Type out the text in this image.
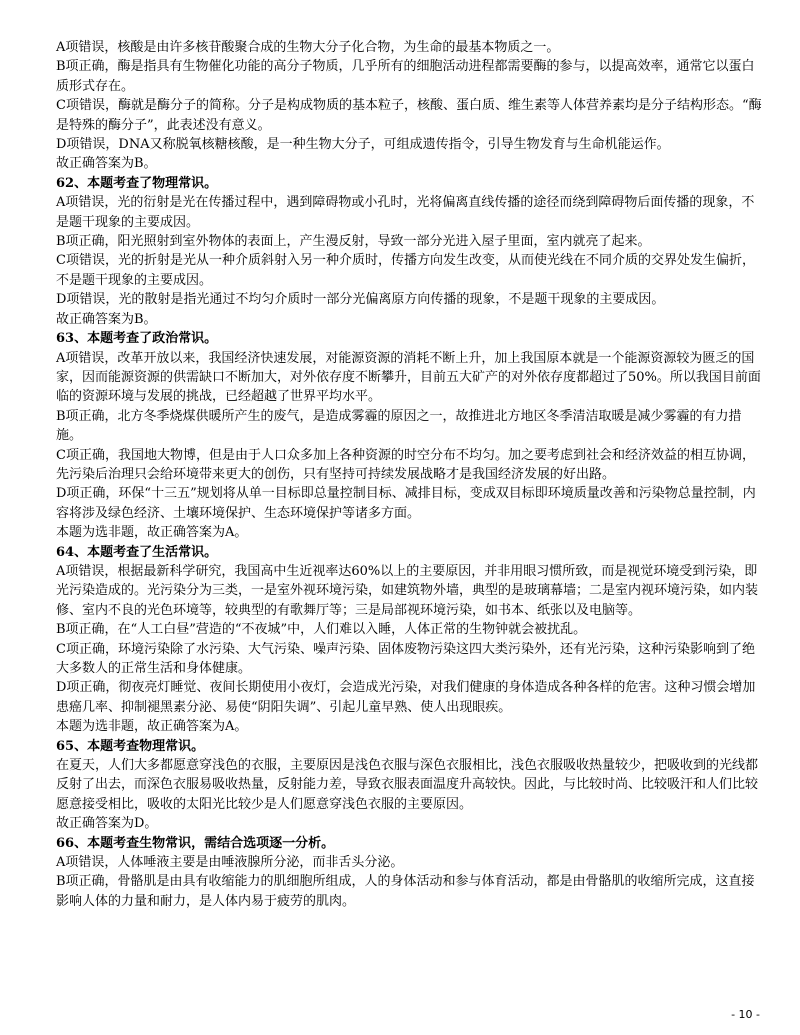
A项错误，核酸是由许多核苷酸聚合成的生物大分子化合物，为生命的最基本物质之一。

B项正确，酶是指具有生物催化功能的高分子物质，几乎所有的细胞活动进程都需要酶的参与，以提高效率，通常它以蛋白质形式存在。

C项错误，酶就是酶分子的简称。分子是构成物质的基本粒子，核酸、蛋白质、维生素等人体营养素均是分子结构形态。“酶是特殊的酶分子”，此表述没有意义。

D项错误，DNA又称脱氧核糖核酸，是一种生物大分子，可组成遗传指令，引导生物发育与生命机能运作。

故正确答案为B。

62、本题考查了物理常识。

A项错误，光的衍射是光在传播过程中，遇到障碍物或小孔时，光将偏离直线传播的途径而绕到障碍物后面传播的现象，不是题干现象的主要成因。

B项正确，阳光照射到室外物体的表面上，产生漫反射，导致一部分光进入屋子里面，室内就亮了起来。

C项错误，光的折射是光从一种介质斜射入另一种介质时，传播方向发生改变，从而使光线在不同介质的交界处发生偏折，不是题干现象的主要成因。

D项错误，光的散射是指光通过不均匀介质时一部分光偏离原方向传播的现象，不是题干现象的主要成因。

故正确答案为B。

63、本题考查了政治常识。

A项错误，改革开放以来，我国经济快速发展，对能源资源的消耗不断上升，加上我国原本就是一个能源资源较为匮乏的国家，因而能源资源的供需缺口不断加大，对外依存度不断攀升，目前五大矿产的对外依存度都超过了50%。所以我国目前面临的资源环境与发展的挑战，已经超越了世界平均水平。

B项正确，北方冬季烧煤供暖所产生的废气，是造成雾霾的原因之一，故推进北方地区冬季清洁取暖是减少雾霾的有力措施。

C项正确，我国地大物博，但是由于人口众多加上各种资源的时空分布不均匀。加之要考虑到社会和经济效益的相互协调，先污染后治理只会给环境带来更大的创伤，只有坚持可持续发展战略才是我国经济发展的好出路。

D项正确，环保“十三五”规划将从单一目标即总量控制目标、减排目标，变成双目标即环境质量改善和污染物总量控制，内容将涉及绿色经济、土壤环境保护、生态环境保护等诸多方面。

本题为选非题，故正确答案为A。

64、本题考查了生活常识。

A项错误，根据最新科学研究，我国高中生近视率达60%以上的主要原因，并非用眼习惯所致，而是视觉环境受到污染，即光污染造成的。光污染分为三类，一是室外视环境污染，如建筑物外墙，典型的是玻璃幕墙；二是室内视环境污染，如内装修、室内不良的光色环境等，较典型的有歌舞厅等；三是局部视环境污染，如书本、纸张以及电脑等。

B项正确，在“人工白昼”营造的“不夜城”中，人们难以入睡，人体正常的生物钟就会被扰乱。

C项正确，环境污染除了水污染、大气污染、噪声污染、固体废物污染这四大类污染外，还有光污染，这种污染影响到了绝大多数人的正常生活和身体健康。

D项正确，彻夜亮灯睡觉、夜间长期使用小夜灯，会造成光污染，对我们健康的身体造成各种各样的危害。这种习惯会增加患癌几率、抑制褪黑素分泌、易使“阴阳失调”、引起儿童早熟、使人出现眼疾。

本题为选非题，故正确答案为A。

65、本题考查物理常识。

在夏天，人们大多都愿意穿浅色的衣服，主要原因是浅色衣服与深色衣服相比，浅色衣服吸收热量较少，把吸收到的光线都反射了出去，而深色衣服易吸收热量，反射能力差，导致衣服表面温度升高较快。因此，与比较时尚、比较吸汗和人们比较愿意接受相比，吸收的太阳光比较少是人们愿意穿浅色衣服的主要原因。

故正确答案为D。

66、本题考查生物常识，需结合选项逐一分析。

A项错误，人体唾液主要是由唾液腺所分泌，而非舌头分泌。

B项正确，骨骼肌是由具有收缩能力的肌细胞所组成，人的身体活动和参与体育活动，都是由骨骼肌的收缩所完成，这直接影响人体的力量和耐力，是人体内易于疲劳的肌肉。

- 10 -
